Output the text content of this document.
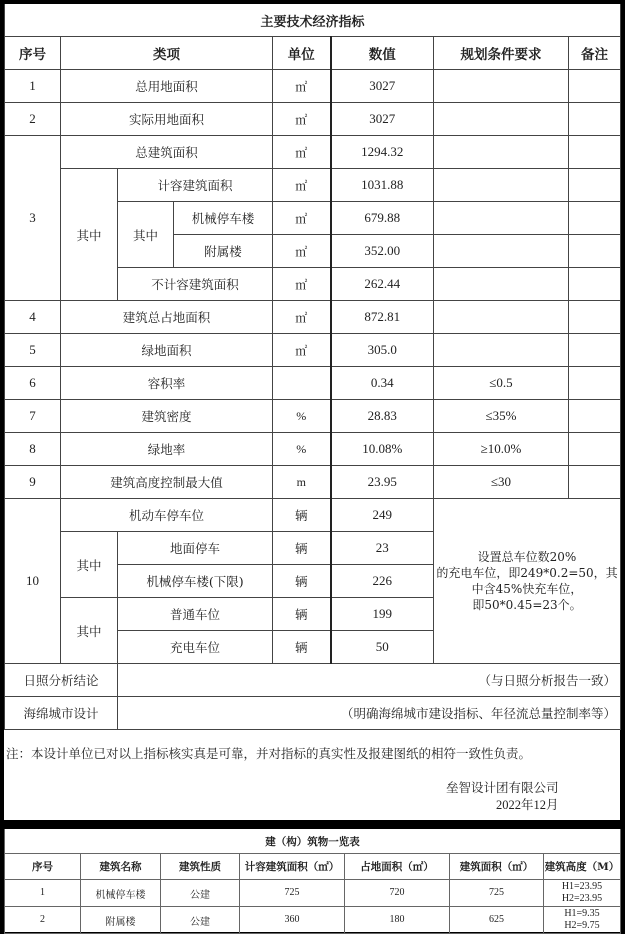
主要技术经济指标							
序号	类项			单位	数值	规划条件要求	备注
1	总用地面积			㎡	3027		
2	实际用地面积			㎡	3027		
3	总建筑面积			㎡	1294.32		
	其中	计容建筑面积		㎡	1031.88		
		其中	机械停车楼	㎡	679.88		
			附属楼	㎡	352.00		
		不计容建筑面积		㎡	262.44		
4	建筑总占地面积			㎡	872.81		
5	绿地面积			㎡	305.0		
6	容积率				0.34	≤0.5	
7	建筑密度			%	28.83	≤35%	
8	绿地率			%	10.08%	≥10.0%	
9	建筑高度控制最大值			m	23.95	≤30	
10	机动车停车位			辆	249	设置总车位数20%
的充电车位，即249*0.2=50，其
中含45%快充车位，
即50*0.45=23个。	

	其中	地面停车		辆	23		
		机械停车楼(下限)		辆	226		
	其中	普通车位		辆	199		
		充电车位		辆	50		
日照分析结论		（与日照分析报告一致）					
海绵城市设计		（明确海绵城市建设指标、年径流总量控制率等）					
注：本设计单位已对以上指标核实真是可靠，并对指标的真实性及报建图纸的相符一致性负责。
垒智设计团有限公司
2022年12月
建（构）筑物一览表						
序号	建筑名称	建筑性质	计容建筑面积（㎡）	占地面积（㎡）	建筑面积（㎡）	建筑高度（M）
1	机械停车楼	公建	725	720	725	H1=23.95
H2=23.95

2	附属楼	公建	360	180	625	H1=9.35
H2=9.75
